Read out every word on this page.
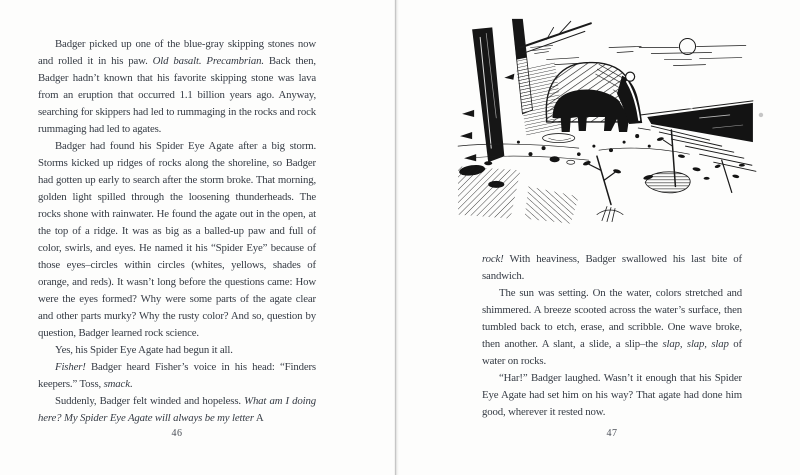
Badger picked up one of the blue-gray skipping stones now and rolled it in his paw. Old basalt. Precambrian. Back then, Badger hadn’t known that his favorite skipping stone was lava from an eruption that occurred 1.1 billion years ago. Anyway, searching for skippers had led to rummaging in the rocks and rock rummaging had led to agates.

Badger had found his Spider Eye Agate after a big storm. Storms kicked up ridges of rocks along the shoreline, so Badger had gotten up early to search after the storm broke. That morning, golden light spilled through the loosening thunderheads. The rocks shone with rainwater. He found the agate out in the open, at the top of a ridge. It was as big as a balled-up paw and full of color, swirls, and eyes. He named it his “Spider Eye” because of those eyes–circles within circles (whites, yellows, shades of orange, and reds). It wasn’t long before the questions came: How were the eyes formed? Why were some parts of the agate clear and other parts murky? Why the rusty color? And so, question by question, Badger learned rock science.

Yes, his Spider Eye Agate had begun it all.

Fisher! Badger heard Fisher’s voice in his head: “Finders keepers.” Toss, smack.

Suddenly, Badger felt winded and hopeless. What am I doing here? My Spider Eye Agate will always be my letter A

46

rock! With heaviness, Badger swallowed his last bite of sandwich.

The sun was setting. On the water, colors stretched and shimmered. A breeze scooted across the water’s surface, then tumbled back to etch, erase, and scribble. One wave broke, then another. A slant, a slide, a slip–the slap, slap, slap of water on rocks.

“Har!” Badger laughed. Wasn’t it enough that his Spider Eye Agate had set him on his way? That agate had done him good, wherever it rested now.

47
